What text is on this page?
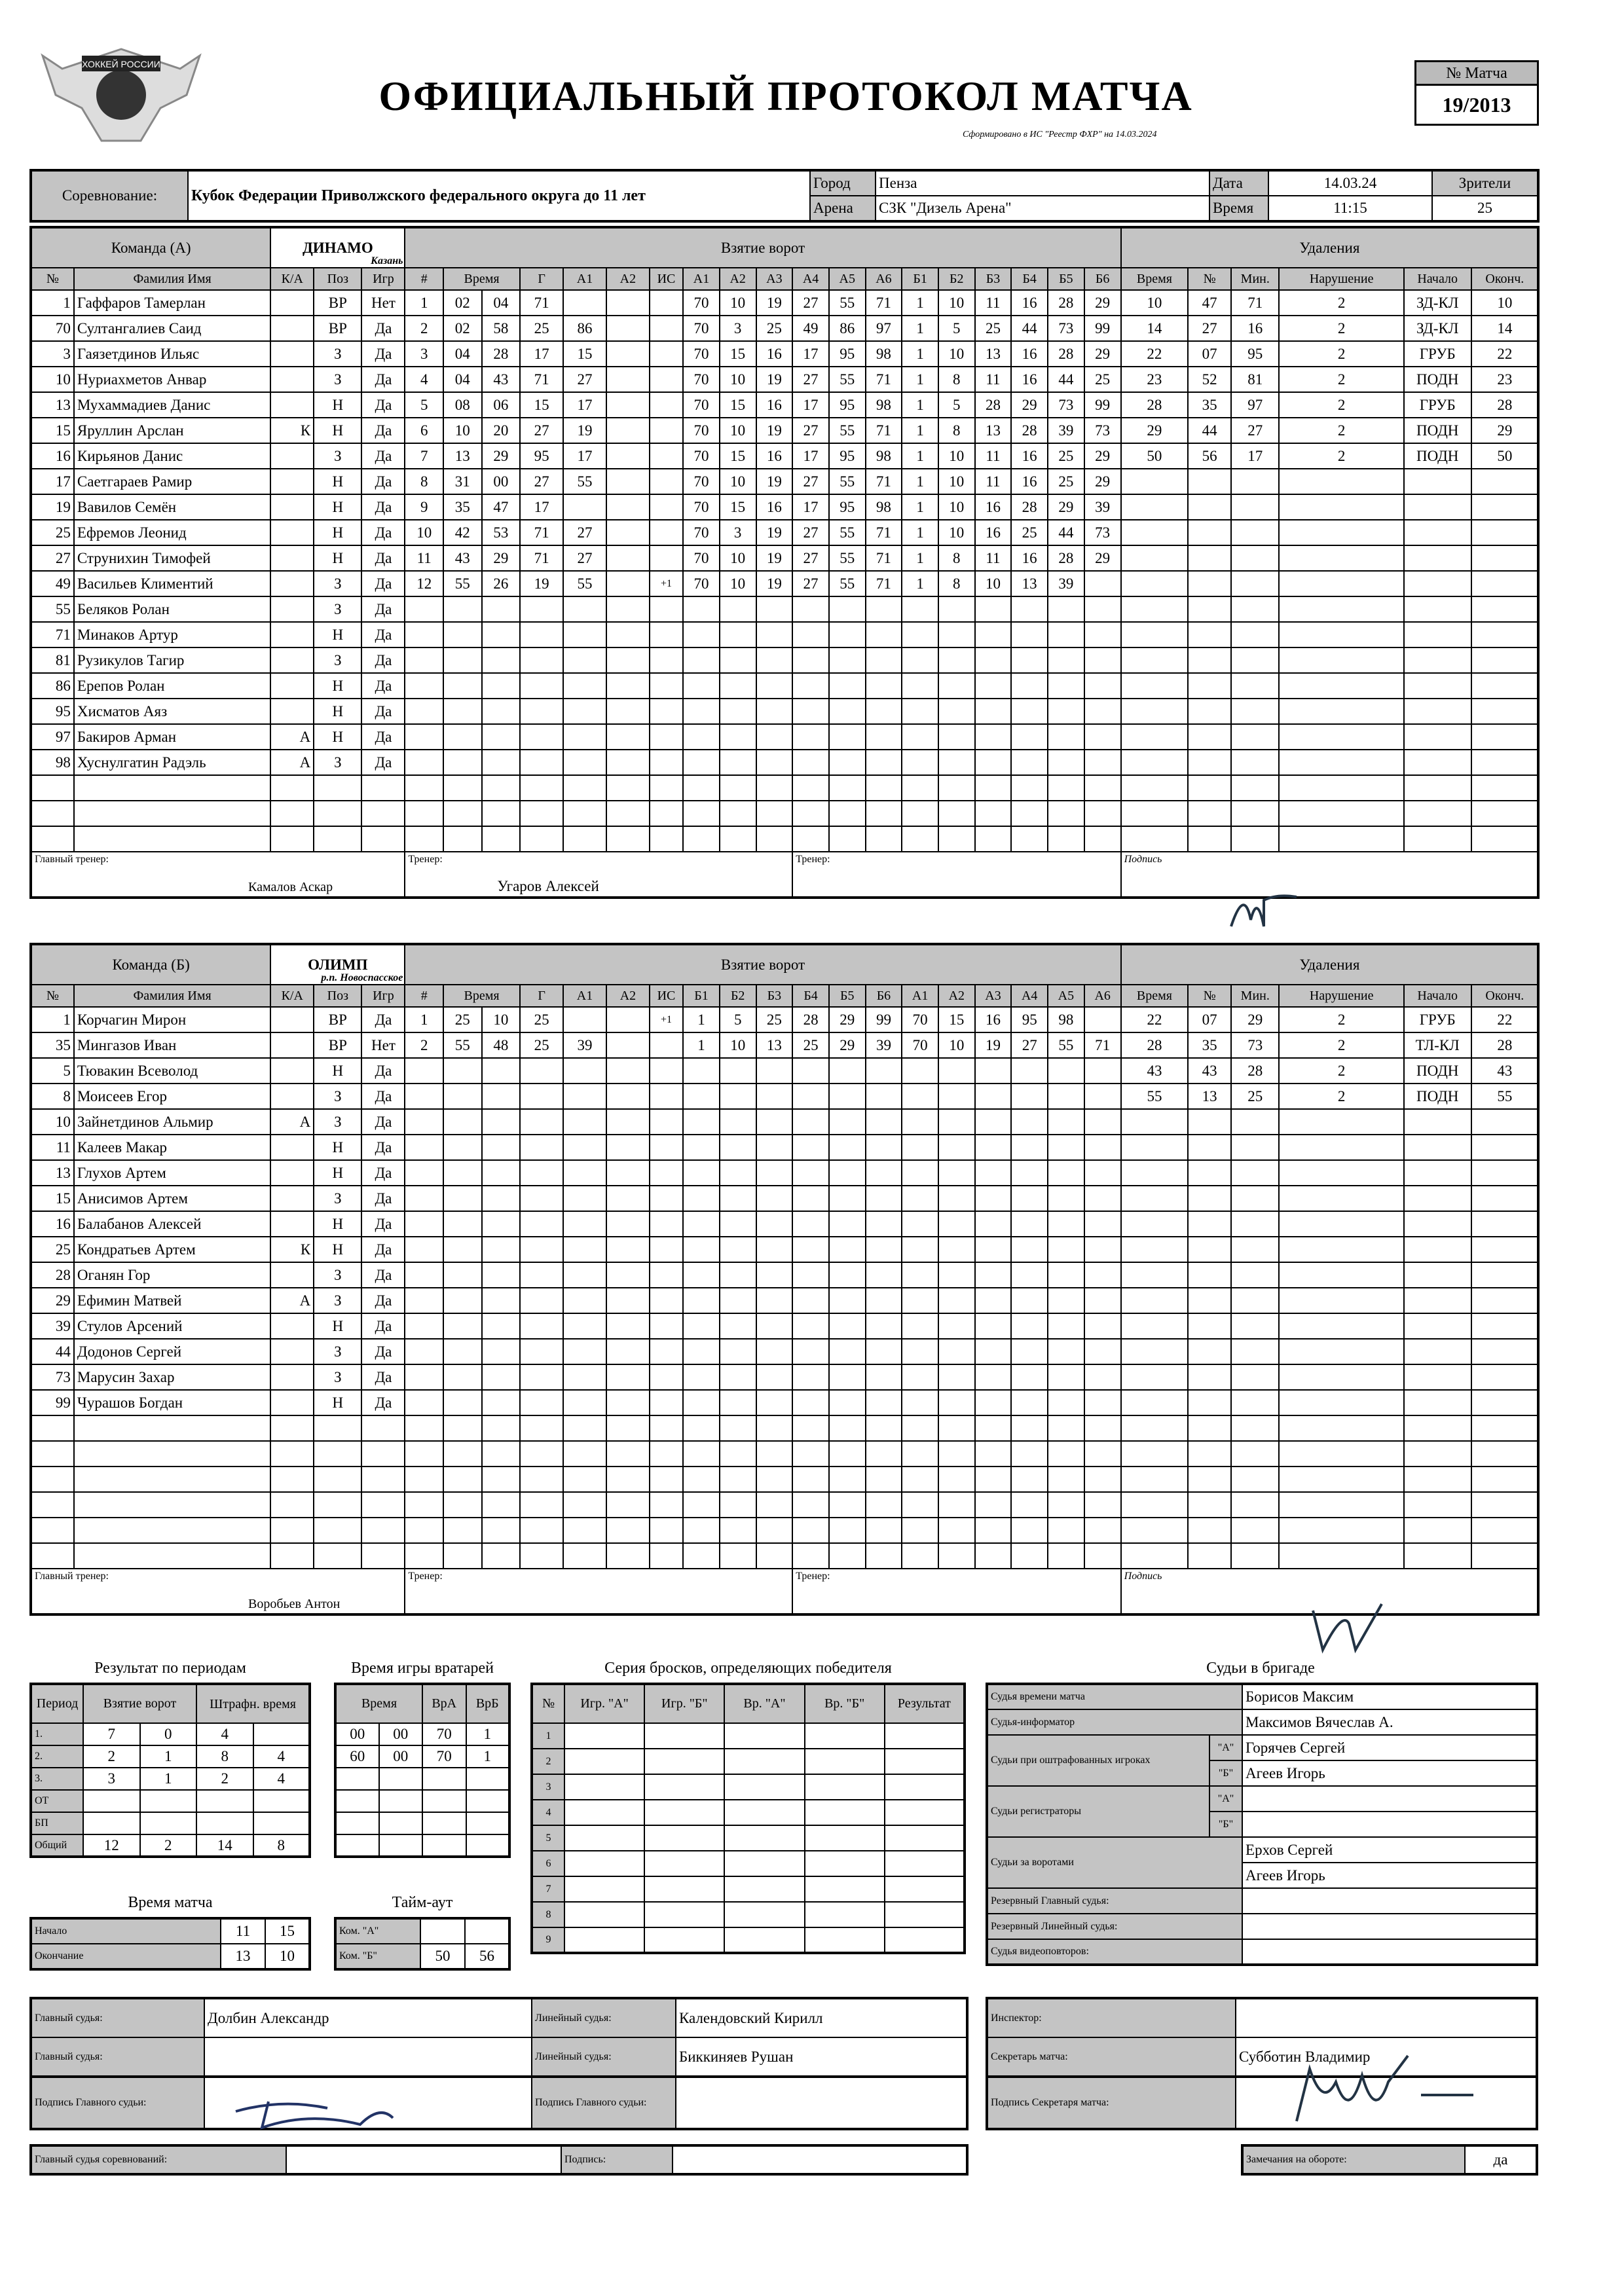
ХОККЕЙ РОССИИ
ОФИЦИАЛЬНЫЙ ПРОТОКОЛ МАТЧА
Сформировано в ИС "Реестр ФХР" на 14.03.2024
№ Матча
19/2013
Соревнование:	Кубок Федерации Приволжского федерального округа до 11 лет	Город	Пенза	Дата	14.03.24	Зрители
		Арена	СЗК "Дизель Арена"	Время	11:15	25
Команда (А)		ДИНАМО
Казань			Взятие ворот																			Удаления						
№	Фамилия Имя	К/А	Поз	Игр	#	Время		Г	А1	А2	ИС	А1	А2	А3	А4	А5	А6	Б1	Б2	Б3	Б4	Б5	Б6	Время	№	Мин.	Нарушение	Начало	Оконч.	
1	Гаффаров Тамерлан		ВР	Нет	1	02	04	71				70	10	19	27	55	71	1	10	11	16	28	29	10	47	71	2	ЗД-КЛ	10	
70	Султангалиев Саид		ВР	Да	2	02	58	25	86			70	3	25	49	86	97	1	5	25	44	73	99	14	27	16	2	ЗД-КЛ	14	
3	Гаязетдинов Ильяс		З	Да	3	04	28	17	15			70	15	16	17	95	98	1	10	13	16	28	29	22	07	95	2	ГРУБ	22	
10	Нуриахметов Анвар		З	Да	4	04	43	71	27			70	10	19	27	55	71	1	8	11	16	44	25	23	52	81	2	ПОДН	23	
13	Мухаммадиев Данис		Н	Да	5	08	06	15	17			70	15	16	17	95	98	1	5	28	29	73	99	28	35	97	2	ГРУБ	28	
15	Яруллин Арслан	К	Н	Да	6	10	20	27	19			70	10	19	27	55	71	1	8	13	28	39	73	29	44	27	2	ПОДН	29	
16	Кирьянов Данис		З	Да	7	13	29	95	17			70	15	16	17	95	98	1	10	11	16	25	29	50	56	17	2	ПОДН	50	
17	Саетгараев Рамир		Н	Да	8	31	00	27	55			70	10	19	27	55	71	1	10	11	16	25	29							
19	Вавилов Семён		Н	Да	9	35	47	17				70	15	16	17	95	98	1	10	16	28	29	39							
25	Ефремов Леонид		Н	Да	10	42	53	71	27			70	3	19	27	55	71	1	10	16	25	44	73							
27	Струнихин Тимофей		Н	Да	11	43	29	71	27			70	10	19	27	55	71	1	8	11	16	28	29							
49	Васильев Климентий		З	Да	12	55	26	19	55		+1	70	10	19	27	55	71	1	8	10	13	39								
55	Беляков Ролан		З	Да																										
71	Минаков Артур		Н	Да																										
81	Рузикулов Тагир		З	Да																										
86	Ерепов Ролан		Н	Да																										
95	Хисматов Аяз		Н	Да																										
97	Бакиров Арман	А	Н	Да																										
98	Хуснулгатин Радэль	А	З	Да																										

Главный тренер:
Камалов Аскар					Тренер:
Угаров Алексей										Тренер:									Подпись						
Команда (Б)		ОЛИМП
р.п. Новоспасское			Взятие ворот																			Удаления						
№	Фамилия Имя	К/А	Поз	Игр	#	Время		Г	А1	А2	ИС	Б1	Б2	Б3	Б4	Б5	Б6	А1	А2	А3	А4	А5	А6	Время	№	Мин.	Нарушение	Начало	Оконч.	
1	Корчагин Мирон		ВР	Да	1	25	10	25			+1	1	5	25	28	29	99	70	15	16	95	98		22	07	29	2	ГРУБ	22	
35	Мингазов Иван		ВР	Нет	2	55	48	25	39			1	10	13	25	29	39	70	10	19	27	55	71	28	35	73	2	ТЛ-КЛ	28	
5	Тювакин Всеволод		Н	Да																				43	43	28	2	ПОДН	43	
8	Моисеев Егор		З	Да																				55	13	25	2	ПОДН	55	
10	Зайнетдинов Альмир	А	З	Да																										
11	Калеев Макар		Н	Да																										
13	Глухов Артем		Н	Да																										
15	Анисимов Артем		З	Да																										
16	Балабанов Алексей		Н	Да																										
25	Кондратьев Артем	К	Н	Да																										
28	Оганян Гор		З	Да																										
29	Ефимин Матвей	А	З	Да																										
39	Стулов Арсений		Н	Да																										
44	Додонов Сергей		З	Да																										
73	Марусин Захар		З	Да																										
99	Чурашов Богдан		Н	Да																										

Главный тренер:
Воробьев Антон					Тренер:										Тренер:									Подпись						
Результат по периодам
Период	Взятие ворот		Штрафн. время	
1.	7	0	4	
2.	2	1	8	4
3.	3	1	2	4
ОТ				
БП				
Общий	12	2	14	8
Время игры вратарей
Время		ВрА	ВрБ
00	00	70	1
60	00	70	1

Время матча
Начало	11	15
Окончание	13	10
Тайм-аут
Ком. "А"		
Ком. "Б"	50	56
Серия бросков, определяющих победителя
№	Игр. "А"	Игр. "Б"	Вр. "А"	Вр. "Б"	Результат
1					
2					
3					
4					
5					
6					
7					
8					
9					
Судьи в бригаде
Судья времени матча		Борисов Максим
Судья-информатор		Максимов Вячеслав А.
Судьи при оштрафованных игроках	"А"	Горячев Сергей
	"Б"	Агеев Игорь
Судьи регистраторы	"А"	
	"Б"	
Судьи за воротами		Ерхов Сергей
		Агеев Игорь
Резервный Главный судья:		
Резервный Линейный судья:		
Судья видеоповторов:		
Главный судья:	Долбин Александр	Линейный судья:	Календовский Кирилл
Главный судья:		Линейный судья:	Биккиняев Рушан
Инспектор:	
Секретарь матча:	Субботин Владимир
Подпись Главного судьи:		Подпись Главного судьи:		Подпись Секретаря матча:	
Главный судья соревнований:		Подпись:		Замечания на обороте:	да
